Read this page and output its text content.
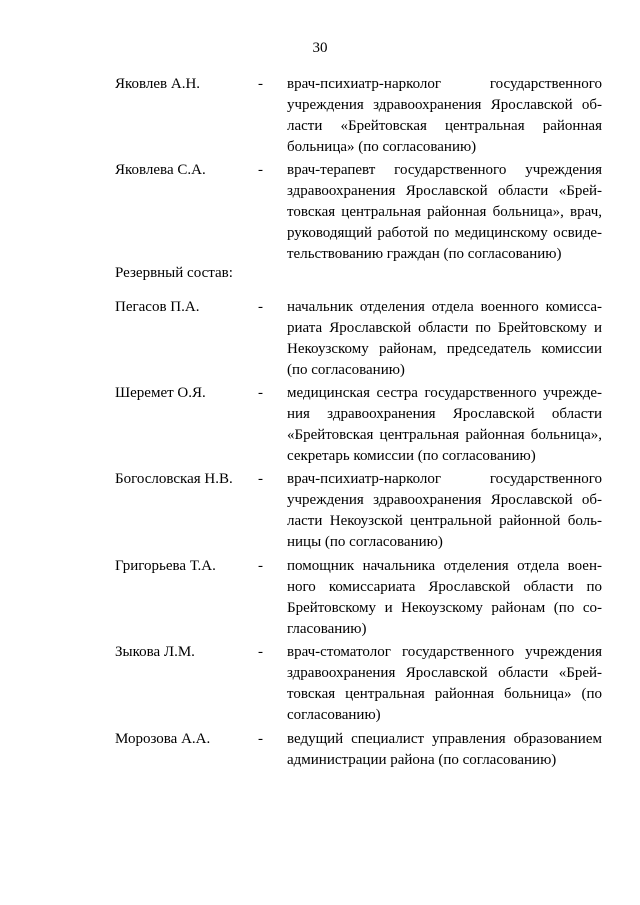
30
Яковлев А.Н.	-	врач-психиатр-нарколог государственного
учреждения здравоохранения Ярославской об-
ласти «Брейтовская центральная районная
больница» (по согласованию)
Яковлева С.А.	-	врач-терапевт государственного учреждения
здравоохранения Ярославской области «Брей-
товская центральная районная больница», врач,
руководящий работой по медицинскому освиде-
тельствованию граждан (по согласованию)
Резервный состав:
Пегасов П.А.	-	начальник отделения отдела военного комисса-
риата Ярославской области по Брейтовскому и
Некоузскому районам, председатель комиссии
(по согласованию)
Шеремет О.Я.	-	медицинская сестра государственного учрежде-
ния здравоохранения Ярославской области
«Брейтовская центральная районная больница»,
секретарь комиссии (по согласованию)
Богословская Н.В.	-	врач-психиатр-нарколог государственного
учреждения здравоохранения Ярославской об-
ласти Некоузской центральной районной боль-
ницы (по согласованию)
Григорьева Т.А.	-	помощник начальника отделения отдела воен-
ного комиссариата Ярославской области по
Брейтовскому и Некоузскому районам (по со-
гласованию)
Зыкова Л.М.	-	врач-стоматолог государственного учреждения
здравоохранения Ярославской области «Брей-
товская центральная районная больница» (по
согласованию)
Морозова А.А.	-	ведущий специалист управления образованием
администрации района (по согласованию)
